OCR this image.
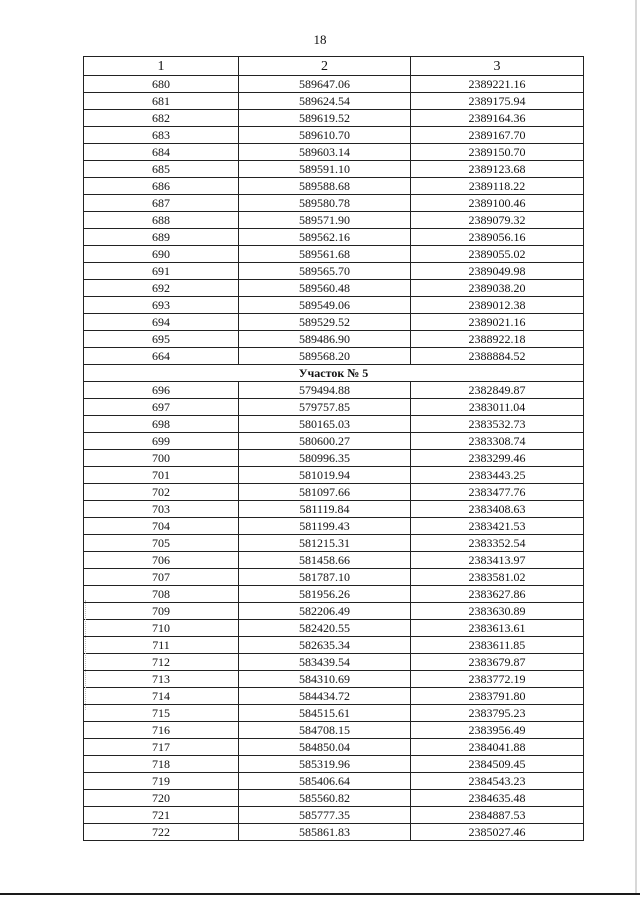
18
1	2	3
680	589647.06	2389221.16
681	589624.54	2389175.94
682	589619.52	2389164.36
683	589610.70	2389167.70
684	589603.14	2389150.70
685	589591.10	2389123.68
686	589588.68	2389118.22
687	589580.78	2389100.46
688	589571.90	2389079.32
689	589562.16	2389056.16
690	589561.68	2389055.02
691	589565.70	2389049.98
692	589560.48	2389038.20
693	589549.06	2389012.38
694	589529.52	2389021.16
695	589486.90	2388922.18
664	589568.20	2388884.52
Участок № 5		
696	579494.88	2382849.87
697	579757.85	2383011.04
698	580165.03	2383532.73
699	580600.27	2383308.74
700	580996.35	2383299.46
701	581019.94	2383443.25
702	581097.66	2383477.76
703	581119.84	2383408.63
704	581199.43	2383421.53
705	581215.31	2383352.54
706	581458.66	2383413.97
707	581787.10	2383581.02
708	581956.26	2383627.86
709	582206.49	2383630.89
710	582420.55	2383613.61
711	582635.34	2383611.85
712	583439.54	2383679.87
713	584310.69	2383772.19
714	584434.72	2383791.80
715	584515.61	2383795.23
716	584708.15	2383956.49
717	584850.04	2384041.88
718	585319.96	2384509.45
719	585406.64	2384543.23
720	585560.82	2384635.48
721	585777.35	2384887.53
722	585861.83	2385027.46
